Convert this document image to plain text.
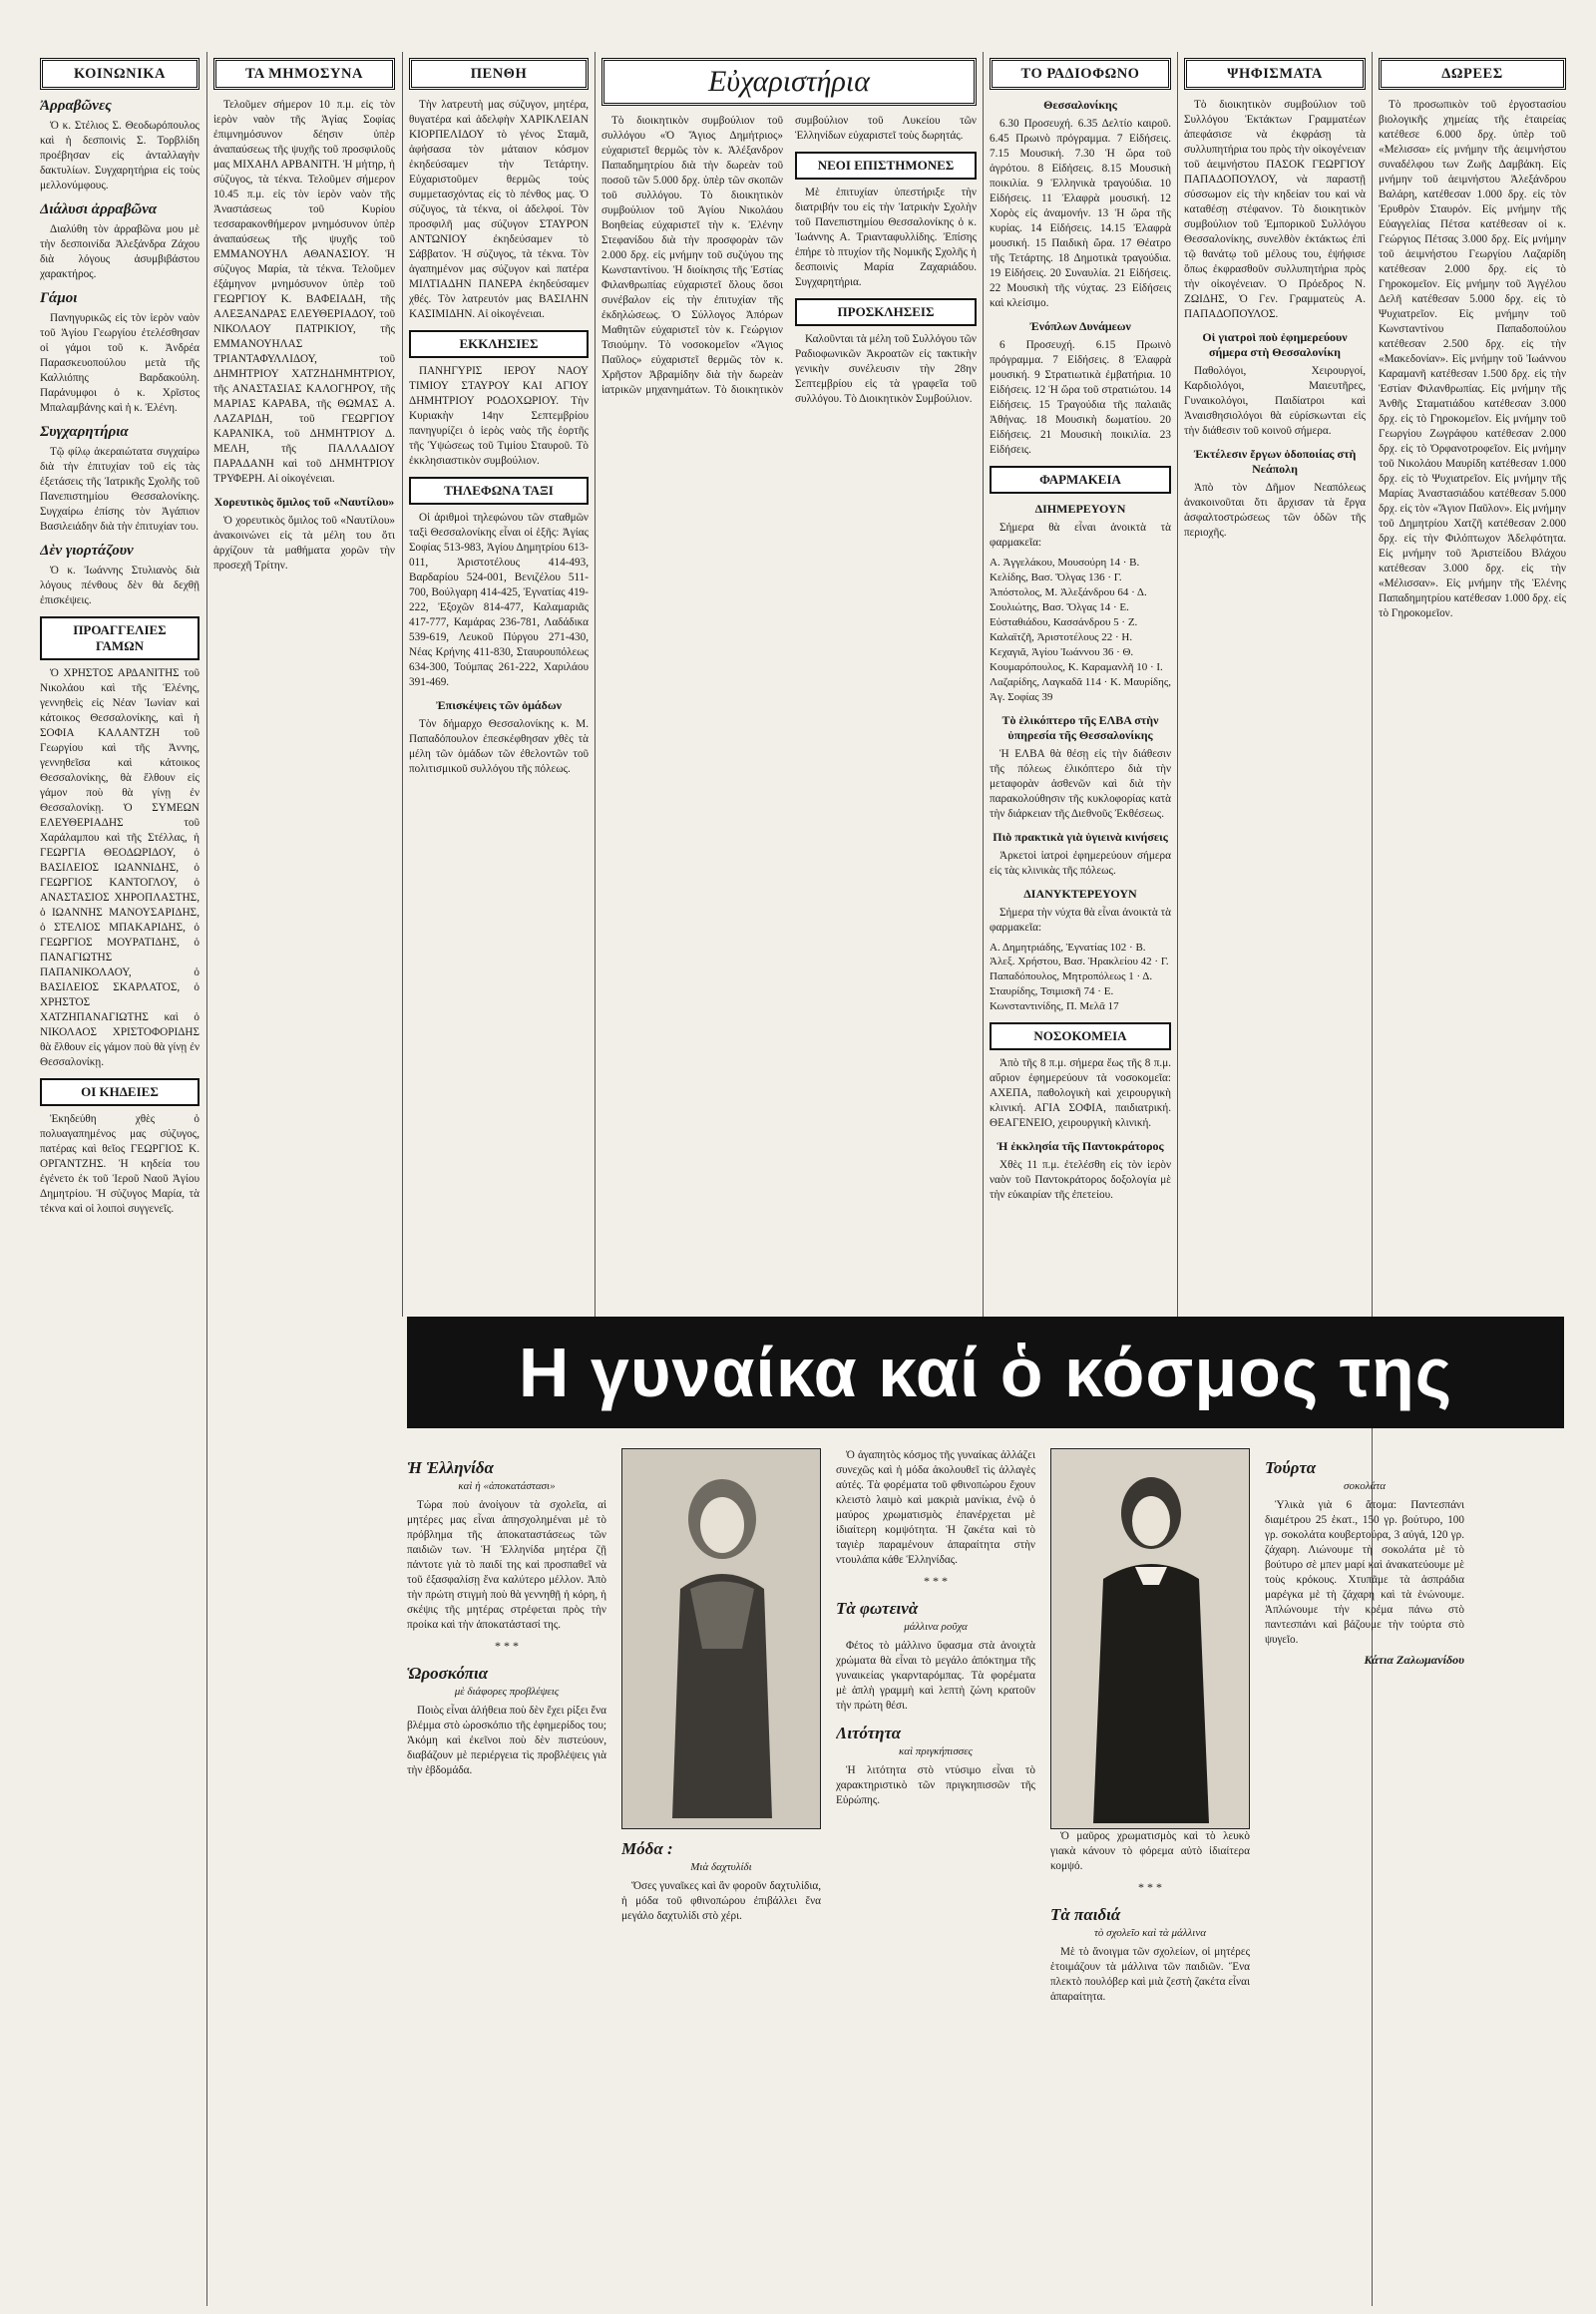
ΚΟΙΝΩΝΙΚΑ
Ἀρραβῶνες

Ὁ κ. Στέλιος Σ. Θεοδωρόπουλος καὶ ἡ δεσποινὶς Σ. Τορβλίδη προέβησαν εἰς ἀνταλλαγὴν δακτυλίων. Συγχαρητήρια εἰς τοὺς μελλονύμφους.

Διάλυσι ἀρραβῶνα

Διαλύθη τὸν ἀρραβῶνα μου μὲ τὴν δεσποινίδα Ἀλεξάνδρα Ζάχου διὰ λόγους ἀσυμβιβάστου χαρακτήρος.

Γάμοι

Πανηγυρικῶς εἰς τὸν ἱερὸν ναὸν τοῦ Ἁγίου Γεωργίου ἐτελέσθησαν οἱ γάμοι τοῦ κ. Ἀνδρέα Παρασκευοπούλου μετὰ τῆς Καλλιόπης Βαρδακούλη. Παράνυμφοι ὁ κ. Χρῖστος Μπαλαμβάνης καὶ ἡ κ. Ἐλένη.

Συγχαρητήρια

Τῷ φίλῳ ἀκεραιώτατα συγχαίρω διὰ τὴν ἐπιτυχίαν τοῦ εἰς τὰς ἐξετάσεις τῆς Ἰατρικῆς Σχολῆς τοῦ Πανεπιστημίου Θεσσαλονίκης. Συγχαίρω ἐπίσης τὸν Ἀγάπιον Βασιλειάδην διὰ τὴν ἐπιτυχίαν του.

Δὲν γιορτάζουν

Ὁ κ. Ἰωάννης Στυλιανὸς διὰ λόγους πένθους δὲν θὰ δεχθῇ ἐπισκέψεις.

ΠΡΟΑΓΓΕΛΙΕΣ ΓΑΜΩΝ

Ὁ ΧΡΗΣΤΟΣ ΑΡΔΑΝΙΤΗΣ τοῦ Νικολάου καὶ τῆς Ἑλένης, γεννηθεὶς εἰς Νέαν Ἰωνίαν καὶ κάτοικος Θεσσαλονίκης, καὶ ἡ ΣΟΦΙΑ ΚΑΛΑΝΤΖΗ τοῦ Γεωργίου καὶ τῆς Ἀννης, γεννηθεῖσα καὶ κάτοικος Θεσσαλονίκης, θὰ ἔλθουν εἰς γάμον ποὺ θὰ γίνῃ ἐν Θεσσαλονίκῃ. Ὁ ΣΥΜΕΩΝ ΕΛΕΥΘΕΡΙΑΔΗΣ τοῦ Χαράλαμπου καὶ τῆς Στέλλας, ἡ ΓΕΩΡΓΙΑ ΘΕΟΔΩΡΙΔΟΥ, ὁ ΒΑΣΙΛΕΙΟΣ ΙΩΑΝΝΙΔΗΣ, ὁ ΓΕΩΡΓΙΟΣ ΚΑΝΤΟΓΛΟΥ, ὁ ΑΝΑΣΤΑΣΙΟΣ ΧΗΡΟΠΛΑΣΤΗΣ, ὁ ΙΩΑΝΝΗΣ ΜΑΝΟΥΣΑΡΙΔΗΣ, ὁ ΣΤΕΛΙΟΣ ΜΠΑΚΑΡΙΔΗΣ, ὁ ΓΕΩΡΓΙΟΣ ΜΟΥΡΑΤΙΔΗΣ, ὁ ΠΑΝΑΓΙΩΤΗΣ ΠΑΠΑΝΙΚΟΛΑΟΥ, ὁ ΒΑΣΙΛΕΙΟΣ ΣΚΑΡΛΑΤΟΣ, ὁ ΧΡΗΣΤΟΣ ΧΑΤΖΗΠΑΝΑΓΙΩΤΗΣ καὶ ὁ ΝΙΚΟΛΑΟΣ ΧΡΙΣΤΟΦΟΡΙΔΗΣ θὰ ἔλθουν εἰς γάμον ποὺ θὰ γίνῃ ἐν Θεσσαλονίκῃ.

ΟΙ ΚΗΔΕΙΕΣ

Ἐκηδεύθη χθὲς ὁ πολυαγαπημένος μας σύζυγος, πατέρας καὶ θεῖος ΓΕΩΡΓΙΟΣ Κ. ΟΡΓΑΝΤΖΗΣ. Ἡ κηδεία του ἐγένετο ἐκ τοῦ Ἱεροῦ Ναοῦ Ἁγίου Δημητρίου. Ἡ σύζυγος Μαρία, τὰ τέκνα καὶ οἱ λοιποὶ συγγενεῖς.

ΤΑ ΜΗΜΟΣΥΝΑ

Τελοῦμεν σήμερον 10 π.μ. εἰς τὸν ἱερὸν ναὸν τῆς Ἁγίας Σοφίας ἐπιμνημόσυνον δέησιν ὑπὲρ ἀναπαύσεως τῆς ψυχῆς τοῦ προσφιλοῦς μας ΜΙΧΑΗΛ ΑΡΒΑΝΙΤΗ. Ἡ μήτηρ, ἡ σύζυγος, τὰ τέκνα. Τελοῦμεν σήμερον 10.45 π.μ. εἰς τὸν ἱερὸν ναὸν τῆς Ἀναστάσεως τοῦ Κυρίου τεσσαρακονθήμερον μνημόσυνον ὑπὲρ ἀναπαύσεως τῆς ψυχῆς τοῦ ΕΜΜΑΝΟΥΗΛ ΑΘΑΝΑΣΙΟΥ. Ἡ σύζυγος Μαρία, τὰ τέκνα. Τελοῦμεν ἐξάμηνον μνημόσυνον ὑπὲρ τοῦ ΓΕΩΡΓΙΟΥ Κ. ΒΑΦΕΙΑΔΗ, τῆς ΑΛΕΞΑΝΔΡΑΣ ΕΛΕΥΘΕΡΙΑΔΟΥ, τοῦ ΝΙΚΟΛΑΟΥ ΠΑΤΡΙΚΙΟΥ, τῆς ΕΜΜΑΝΟΥΗΛΑΣ ΤΡΙΑΝΤΑΦΥΛΛΙΔΟΥ, τοῦ ΔΗΜΗΤΡΙΟΥ ΧΑΤΖΗΔΗΜΗΤΡΙΟΥ, τῆς ΑΝΑΣΤΑΣΙΑΣ ΚΑΛΟΓΗΡΟΥ, τῆς ΜΑΡΙΑΣ ΚΑΡΑΒΑ, τῆς ΘΩΜΑΣ Α. ΛΑΖΑΡΙΔΗ, τοῦ ΓΕΩΡΓΙΟΥ ΚΑΡΑΝΙΚΑ, τοῦ ΔΗΜΗΤΡΙΟΥ Δ. ΜΕΛΗ, τῆς ΠΑΛΛΑΔΙΟΥ ΠΑΡΑΔΑΝΗ καὶ τοῦ ΔΗΜΗΤΡΙΟΥ ΤΡΥΦΕΡΗ. Αἱ οἰκογένειαι.

Χορευτικὸς ὅμιλος τοῦ «Ναυτίλου»

Ὁ χορευτικὸς ὅμιλος τοῦ «Ναυτίλου» ἀνακοινώνει εἰς τὰ μέλη του ὅτι ἀρχίζουν τὰ μαθήματα χορῶν τὴν προσεχῆ Τρίτην.

ΠΕΝΘΗ

Τὴν λατρευτὴ μας σύζυγον, μητέρα, θυγατέρα καὶ ἀδελφὴν ΧΑΡΙΚΛΕΙΑΝ ΚΙΟΡΠΕΛΙΔΟΥ τὸ γένος Σταμᾶ, ἀφήσασα τὸν μάταιον κόσμον ἐκηδεύσαμεν τὴν Τετάρτην. Εὐχαριστοῦμεν θερμῶς τοὺς συμμετασχόντας εἰς τὸ πένθος μας. Ὁ σύζυγος, τὰ τέκνα, οἱ ἀδελφοί. Τὸν προσφιλῆ μας σύζυγον ΣΤΑΥΡΟΝ ΑΝΤΩΝΙΟΥ ἐκηδεύσαμεν τὸ Σάββατον. Ἡ σύζυγος, τὰ τέκνα. Τὸν ἀγαπημένον μας σύζυγον καὶ πατέρα ΜΙΛΤΙΑΔΗΝ ΠΑΝΕΡΑ ἐκηδεύσαμεν χθές. Τὸν λατρευτόν μας ΒΑΣΙΛΗΝ ΚΑΣΙΜΙΔΗΝ. Αἱ οἰκογένειαι.

ΕΚΚΛΗΣΙΕΣ

ΠΑΝΗΓΥΡΙΣ ΙΕΡΟΥ ΝΑΟΥ ΤΙΜΙΟΥ ΣΤΑΥΡΟΥ ΚΑΙ ΑΓΙΟΥ ΔΗΜΗΤΡΙΟΥ ΡΟΔΟΧΩΡΙΟΥ. Τὴν Κυριακὴν 14ην Σεπτεμβρίου πανηγυρίζει ὁ ἱερὸς ναὸς τῆς ἑορτῆς τῆς Ὑψώσεως τοῦ Τιμίου Σταυροῦ. Τὸ ἐκκλησιαστικὸν συμβούλιον.

ΤΗΛΕΦΩΝΑ ΤΑΞΙ

Οἱ ἀριθμοὶ τηλεφώνου τῶν σταθμῶν ταξὶ Θεσσαλονίκης εἶναι οἱ ἑξῆς: Ἀγίας Σοφίας 513-983, Ἀγίου Δημητρίου 613-011, Ἀριστοτέλους 414-493, Βαρδαρίου 524-001, Βενιζέλου 511-700, Βούλγαρη 414-425, Ἐγνατίας 419-222, Ἐξοχῶν 814-477, Καλαμαριᾶς 417-777, Καμάρας 236-781, Λαδάδικα 539-619, Λευκοῦ Πύργου 271-430, Νέας Κρήνης 411-830, Σταυρουπόλεως 634-300, Τούμπας 261-222, Χαριλάου 391-469.

Ἐπισκέψεις τῶν ὁμάδων

Τὸν δήμαρχο Θεσσαλονίκης κ. Μ. Παπαδόπουλον ἐπεσκέφθησαν χθὲς τὰ μέλη τῶν ὁμάδων τῶν ἐθελοντῶν τοῦ πολιτισμικοῦ συλλόγου τῆς πόλεως.

Εὐχαριστήρια

Τὸ διοικητικὸν συμβούλιον τοῦ συλλόγου «Ὁ Ἅγιος Δημήτριος» εὐχαριστεῖ θερμῶς τὸν κ. Ἀλέξανδρον Παπαδημητρίου διὰ τὴν δωρεὰν τοῦ ποσοῦ τῶν 5.000 δρχ. ὑπὲρ τῶν σκοπῶν τοῦ συλλόγου. Τὸ διοικητικὸν συμβούλιον τοῦ Ἁγίου Νικολάου Βοηθείας εὐχαριστεῖ τὴν κ. Ἐλένην Στεφανίδου διὰ τὴν προσφορὰν τῶν 2.000 δρχ. εἰς μνήμην τοῦ συζύγου της Κωνσταντίνου. Ἡ διοίκησις τῆς Ἑστίας Φιλανθρωπίας εὐχαριστεῖ ὅλους ὅσοι συνέβαλον εἰς τὴν ἐπιτυχίαν τῆς ἐκδηλώσεως. Ὁ Σύλλογος Ἀπόρων Μαθητῶν εὐχαριστεῖ τὸν κ. Γεώργιον Τσιούμην. Τὸ νοσοκομεῖον «Ἅγιος Παῦλος» εὐχαριστεῖ θερμῶς τὸν κ. Χρῆστον Ἀβραμίδην διὰ τὴν δωρεὰν ἰατρικῶν μηχανημάτων. Τὸ διοικητικὸν συμβούλιον τοῦ Λυκείου τῶν Ἑλληνίδων εὐχαριστεῖ τοὺς δωρητάς.

ΝΕΟΙ ΕΠΙΣΤΗΜΟΝΕΣ

Μὲ ἐπιτυχίαν ὑπεστήριξε τὴν διατριβήν του εἰς τὴν Ἰατρικὴν Σχολὴν τοῦ Πανεπιστημίου Θεσσαλονίκης ὁ κ. Ἰωάννης Α. Τριανταφυλλίδης. Ἐπίσης ἐπήρε τὸ πτυχίον τῆς Νομικῆς Σχολῆς ἡ δεσποινὶς Μαρία Ζαχαριάδου. Συγχαρητήρια.

ΠΡΟΣΚΛΗΣΕΙΣ

Καλοῦνται τὰ μέλη τοῦ Συλλόγου τῶν Ραδιοφωνικῶν Ἀκροατῶν εἰς τακτικὴν γενικὴν συνέλευσιν τὴν 28ην Σεπτεμβρίου εἰς τὰ γραφεῖα τοῦ συλλόγου. Τὸ Διοικητικὸν Συμβούλιον.

ΤΟ ΡΑΔΙΟΦΩΝΟ
Θεσσαλονίκης

6.30 Προσευχή. 6.35 Δελτίο καιροῦ. 6.45 Πρωινὸ πρόγραμμα. 7 Εἰδήσεις. 7.15 Μουσική. 7.30 Ἡ ὥρα τοῦ ἀγρότου. 8 Εἰδήσεις. 8.15 Μουσικὴ ποικιλία. 9 Ἑλληνικὰ τραγούδια. 10 Εἰδήσεις. 11 Ἐλαφρὰ μουσική. 12 Χορὸς εἰς ἀναμονήν. 13 Ἡ ὥρα τῆς κυρίας. 14 Εἰδήσεις. 14.15 Ἐλαφρὰ μουσική. 15 Παιδικὴ ὥρα. 17 Θέατρο τῆς Τετάρτης. 18 Δημοτικὰ τραγούδια. 19 Εἰδήσεις. 20 Συναυλία. 21 Εἰδήσεις. 22 Μουσικὴ τῆς νύχτας. 23 Εἰδήσεις καὶ κλείσιμο.

Ἐνόπλων Δυνάμεων

6 Προσευχή. 6.15 Πρωινὸ πρόγραμμα. 7 Εἰδήσεις. 8 Ἐλαφρὰ μουσική. 9 Στρατιωτικὰ ἐμβατήρια. 10 Εἰδήσεις. 12 Ἡ ὥρα τοῦ στρατιώτου. 14 Εἰδήσεις. 15 Τραγούδια τῆς παλαιᾶς Ἀθήνας. 18 Μουσικὴ δωματίου. 20 Εἰδήσεις. 21 Μουσικὴ ποικιλία. 23 Εἰδήσεις.

ΦΑΡΜΑΚΕΙΑ
ΔΙΗΜΕΡΕΥΟΥΝ

Σήμερα θὰ εἶναι ἀνοικτὰ τὰ φαρμακεῖα:

Α. Ἀγγελάκου, Μουσούρη 14 · Β. Κελίδης, Βασ. Ὄλγας 136 · Γ. Ἀπόστολος, Μ. Ἀλεξάνδρου 64 · Δ. Σουλιώτης, Βασ. Ὄλγας 14 · Ε. Εὐσταθιάδου, Κασσάνδρου 5 · Ζ. Καλαϊτζῆ, Ἀριστοτέλους 22 · Η. Κεχαγιᾶ, Ἀγίου Ἰωάννου 36 · Θ. Κουμαρόπουλος, Κ. Καραμανλῆ 10 · Ι. Λαζαρίδης, Λαγκαδᾶ 114 · Κ. Μαυρίδης, Ἀγ. Σοφίας 39

Τὸ ἑλικόπτερο τῆς ΕΛΒΑ στὴν ὑπηρεσία τῆς Θεσσαλονίκης

Ἡ ΕΛΒΑ θὰ θέσῃ εἰς τὴν διάθεσιν τῆς πόλεως ἑλικόπτερο διὰ τὴν μεταφορὰν ἀσθενῶν καὶ διὰ τὴν παρακολούθησιν τῆς κυκλοφορίας κατὰ τὴν διάρκειαν τῆς Διεθνοῦς Ἐκθέσεως.

Πιὸ πρακτικὰ γιὰ ὑγιεινὰ κινήσεις

Ἀρκετοὶ ἰατροὶ ἐφημερεύουν σήμερα εἰς τὰς κλινικὰς τῆς πόλεως.

ΔΙΑΝΥΚΤΕΡΕΥΟΥΝ

Σήμερα τὴν νύχτα θὰ εἶναι ἀνοικτὰ τὰ φαρμακεῖα:

Α. Δημητριάδης, Ἐγνατίας 102 · Β. Ἀλεξ. Χρήστου, Βασ. Ἡρακλείου 42 · Γ. Παπαδόπουλος, Μητροπόλεως 1 · Δ. Σταυρίδης, Τσιμισκῆ 74 · Ε. Κωνσταντινίδης, Π. Μελᾶ 17

ΝΟΣΟΚΟΜΕΙΑ

Ἀπὸ τῆς 8 π.μ. σήμερα ἕως τῆς 8 π.μ. αὔριον ἐφημερεύουν τὰ νοσοκομεῖα: ΑΧΕΠΑ, παθολογικὴ καὶ χειρουργικὴ κλινική. ΑΓΙΑ ΣΟΦΙΑ, παιδιατρική. ΘΕΑΓΕΝΕΙΟ, χειρουργικὴ κλινική.

Ἡ ἐκκλησία τῆς Παντοκράτορος

Χθὲς 11 π.μ. ἐτελέσθη εἰς τὸν ἱερὸν ναὸν τοῦ Παντοκράτορος δοξολογία μὲ τὴν εὐκαιρίαν τῆς ἐπετείου.

ΨΗΦΙΣΜΑΤΑ

Τὸ διοικητικὸν συμβούλιον τοῦ Συλλόγου Ἐκτάκτων Γραμματέων ἀπεφάσισε νὰ ἐκφράσῃ τὰ συλλυπητήρια του πρὸς τὴν οἰκογένειαν τοῦ ἀειμνήστου ΠΑΣΟΚ ΓΕΩΡΓΙΟΥ ΠΑΠΑΔΟΠΟΥΛΟΥ, νὰ παραστῇ σύσσωμον εἰς τὴν κηδείαν του καὶ νὰ καταθέσῃ στέφανον. Τὸ διοικητικὸν συμβούλιον τοῦ Ἐμπορικοῦ Συλλόγου Θεσσαλονίκης, συνελθὸν ἐκτάκτως ἐπὶ τῷ θανάτῳ τοῦ μέλους του, ἐψήφισε ὅπως ἐκφρασθοῦν συλλυπητήρια πρὸς τὴν οἰκογένειαν. Ὁ Πρόεδρος Ν. ΖΩΙΔΗΣ, Ὁ Γεν. Γραμματεὺς Α. ΠΑΠΑΔΟΠΟΥΛΟΣ.

Οἱ γιατροὶ ποὺ ἐφημερεύουν σήμερα στὴ Θεσσαλονίκη

Παθολόγοι, Χειρουργοί, Καρδιολόγοι, Μαιευτῆρες, Γυναικολόγοι, Παιδίατροι καὶ Ἀναισθησιολόγοι θὰ εὑρίσκωνται εἰς τὴν διάθεσιν τοῦ κοινοῦ σήμερα.

Ἐκτέλεσιν ἔργων ὁδοποιίας στὴ Νεάπολη

Ἀπὸ τὸν Δῆμον Νεαπόλεως ἀνακοινοῦται ὅτι ἄρχισαν τὰ ἔργα ἀσφαλτοστρώσεως τῶν ὁδῶν τῆς περιοχῆς.

ΔΩΡΕΕΣ

Τὸ προσωπικὸν τοῦ ἐργοστασίου βιολογικῆς χημείας τῆς ἑταιρείας κατέθεσε 6.000 δρχ. ὑπὲρ τοῦ «Μελισσα» εἰς μνήμην τῆς ἀειμνήστου συναδέλφου των Ζωῆς Δαμβάκη. Εἰς μνήμην τοῦ ἀειμνήστου Ἀλεξάνδρου Βαλάρη, κατέθεσαν 1.000 δρχ. εἰς τὸν Ἐρυθρὸν Σταυρόν. Εἰς μνήμην τῆς Εὐαγγελίας Πέτσα κατέθεσαν οἱ κ. Γεώργιος Πέτσας 3.000 δρχ. Εἰς μνήμην τοῦ ἀειμνήστου Γεωργίου Λαζαρίδη κατέθεσαν 2.000 δρχ. εἰς τὸ Γηροκομεῖον. Εἰς μνήμην τοῦ Ἀγγέλου Δελῆ κατέθεσαν 5.000 δρχ. εἰς τὸ Ψυχιατρεῖον. Εἰς μνήμην τοῦ Κωνσταντίνου Παπαδοπούλου κατέθεσαν 2.500 δρχ. εἰς τὴν «Μακεδονίαν». Εἰς μνήμην τοῦ Ἰωάννου Καραμανῆ κατέθεσαν 1.500 δρχ. εἰς τὴν Ἑστίαν Φιλανθρωπίας. Εἰς μνήμην τῆς Ἀνθῆς Σταματιάδου κατέθεσαν 3.000 δρχ. εἰς τὸ Γηροκομεῖον. Εἰς μνήμην τοῦ Γεωργίου Ζωγράφου κατέθεσαν 2.000 δρχ. εἰς τὸ Ὀρφανοτροφεῖον. Εἰς μνήμην τοῦ Νικολάου Μαυρίδη κατέθεσαν 1.000 δρχ. εἰς τὸ Ψυχιατρεῖον. Εἰς μνήμην τῆς Μαρίας Ἀναστασιάδου κατέθεσαν 5.000 δρχ. εἰς τὸν «Ἅγιον Παῦλον». Εἰς μνήμην τοῦ Δημητρίου Χατζῆ κατέθεσαν 2.000 δρχ. εἰς τὴν Φιλόπτωχον Ἀδελφότητα. Εἰς μνήμην τοῦ Ἀριστείδου Βλάχου κατέθεσαν 3.000 δρχ. εἰς τὴν «Μέλισσαν». Εἰς μνήμην τῆς Ἑλένης Παπαδημητρίου κατέθεσαν 1.000 δρχ. εἰς τὸ Γηροκομεῖον.

Η γυναίκα καί ὁ κόσμος της
Ἡ Ἑλληνίδα
καὶ ἡ «ἀποκατάστασι»

Τώρα ποὺ ἀνοίγουν τὰ σχολεῖα, αἱ μητέρες μας εἶναι ἀπησχολημέναι μὲ τὸ πρόβλημα τῆς ἀποκαταστάσεως τῶν παιδιῶν των. Ἡ Ἑλληνίδα μητέρα ζῇ πάντοτε γιὰ τὸ παιδί της καὶ προσπαθεῖ νὰ τοῦ ἐξασφαλίσῃ ἕνα καλύτερο μέλλον. Ἀπὸ τὴν πρώτη στιγμὴ ποὺ θὰ γεννηθῇ ἡ κόρη, ἡ σκέψις τῆς μητέρας στρέφεται πρὸς τὴν προίκα καὶ τὴν ἀποκατάστασί της.

* * *
Ὡροσκόπια
μὲ διάφορες προβλέψεις

Ποιὸς εἶναι ἀλήθεια ποὺ δὲν ἔχει ρίξει ἕνα βλέμμα στὸ ὡροσκόπιο τῆς ἐφημερίδος του; Ἀκόμη καὶ ἐκεῖνοι ποὺ δὲν πιστεύουν, διαβάζουν μὲ περιέργεια τὶς προβλέψεις γιὰ τὴν ἑβδομάδα.

Μόδα :
Μιὰ δαχτυλίδι

Ὅσες γυναῖκες καὶ ἂν φοροῦν δαχτυλίδια, ἡ μόδα τοῦ φθινοπώρου ἐπιβάλλει ἕνα μεγάλο δαχτυλίδι στὸ χέρι.

Ὁ ἀγαπητὸς κόσμος τῆς γυναίκας ἀλλάζει συνεχῶς καὶ ἡ μόδα ἀκολουθεῖ τὶς ἀλλαγὲς αὐτές. Τὰ φορέματα τοῦ φθινοπώρου ἔχουν κλειστὸ λαιμὸ καὶ μακριὰ μανίκια, ἐνῷ ὁ μαύρος χρωματισμὸς ἐπανέρχεται μὲ ἰδιαίτερη κομψότητα. Ἡ ζακέτα καὶ τὸ ταγιὲρ παραμένουν ἀπαραίτητα στὴν ντουλάπα κάθε Ἑλληνίδας.

* * *
Τὰ φωτεινὰ
μάλλινα ροῦχα

Φέτος τὸ μάλλινο ὕφασμα στὰ ἀνοιχτὰ χρώματα θὰ εἶναι τὸ μεγάλο ἀπόκτημα τῆς γυναικείας γκαρνταρόμπας. Τὰ φορέματα μὲ ἁπλὴ γραμμὴ καὶ λεπτὴ ζώνη κρατοῦν τὴν πρώτη θέσι.

Λιτότητα
καὶ πριγκήπισσες

Ἡ λιτότητα στὸ ντύσιμο εἶναι τὸ χαρακτηριστικὸ τῶν πριγκηπισσῶν τῆς Εὐρώπης.

Ὁ μαῦρος χρωματισμὸς καὶ τὸ λευκὸ γιακὰ κάνουν τὸ φόρεμα αὐτὸ ἰδιαίτερα κομψό.

* * *
Τὰ παιδιά
τὸ σχολεῖο καὶ τὰ μάλλινα

Μὲ τὸ ἄνοιγμα τῶν σχολείων, οἱ μητέρες ἑτοιμάζουν τὰ μάλλινα τῶν παιδιῶν. Ἕνα πλεκτὸ πουλόβερ καὶ μιὰ ζεστὴ ζακέτα εἶναι ἀπαραίτητα.

Τούρτα
σοκολάτα

Ὑλικὰ γιὰ 6 ἄτομα: Παντεσπάνι διαμέτρου 25 ἑκατ., 150 γρ. βούτυρο, 100 γρ. σοκολάτα κουβερτούρα, 3 αὐγά, 120 γρ. ζάχαρη. Λιώνουμε τὴ σοκολάτα μὲ τὸ βούτυρο σὲ μπεν μαρί καὶ ἀνακατεύουμε μὲ τοὺς κρόκους. Χτυπᾶμε τὰ ἀσπράδια μαρέγκα μὲ τὴ ζάχαρη καὶ τὰ ἑνώνουμε. Ἁπλώνουμε τὴν κρέμα πάνω στὸ παντεσπάνι καὶ βάζουμε τὴν τούρτα στὸ ψυγεῖο.

Κάτια Ζαλωμανίδου
